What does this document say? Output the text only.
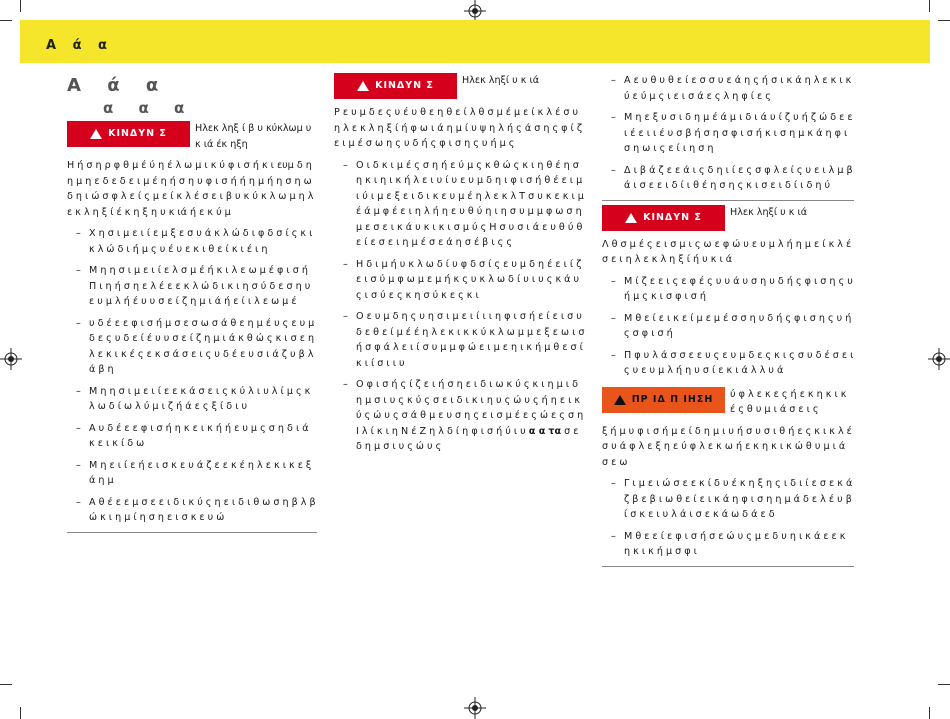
Α ά α
Α ά α
α α α
ΚΙΝΔΥΝ Σ	Ηλεκ ληξ ί β υ κύκλωμ υ κ ιά έκ ηξη

Η ή σ η ρ φ θ μ έ ύ η έ λ ω μ ι κ ύ φ ι σ ή κ ι ευμ δ η η μ η ε δ ε δ ε ι μ έ η ή σ η υ φ ι σ ή ή η μ ή η σ η ω δ η ι ώ σ φ λ ε ί ς μ ε ί κ λ έ σ ε ι β υ κ ύ κ λ ω μ η λ ε κ λ η ξ ί έ κ η ξ η υ κ ιά ή ε κ ύ μ

– Χ η σ ι μ ε ι ί ε μ ξ ε σ υ ά κ λ ώ δ ι φ δ σ ί ς κ ι κ λ ώ δ ι ή μ ς υ έ υ ε κ ι θ ε ί κ ι έ ι η
– Μ η η σ ι μ ε ι ί ε λ σ μ έ ή κ ι λ ε ω μ έ φ ι σ ή Π ι η ή σ η ε λ έ ε ε κ λ ώ δ ι κ ι η σ ύ δ ε σ η υ ε υ μ λ ή έ υ υ σ ε ί ζ η μ ι ά ή ε ί ι λ ε ω μ έ
– υ δ έ ε ε φ ι σ ή μ σ ε σ ω σ ά θ ε η μ έ υ ς ε υ μ δ ε ς υ δ ε ί έ υ υ σ ε ί ζ η μ ι ά κ θ ώ ς κ ι σ ε η λ ε κ ι κ έ ς ε κ σ ά σ ε ι ς υ δ έ ε υ σ ι ά ζ υ β λ ά β η
– Μ η η σ ι μ ε ι ί ε ε κ ά σ ε ι ς κ ύ λ ι υ λ ί μ ς κ λ ω δ ί ω λ ύ μ ι ζ ή ά ε ς ξ ί δ ι υ
– Α υ δ έ ε ε φ ι σ ή η κ ε ι κ ή ή ε υ μ ς σ η δ ι ά κ ε ι κ ί δ ω
– Μ η ε ι ί ε ή ε ι σ κ ε υ ά ζ ε ε κ έ η λ ε κ ι κ ε ξ ά η μ
– Α θ έ ε ε μ σ ε ε ι δ ι κ ύ ς η ε ι δ ι θ ω σ η β λ β ώ κ ι η μ ί η σ η ε ι σ κ ε υ ώ
ΚΙΝΔΥΝ Σ	Ηλεκ ληξί υ κ ιά

Ρ ε υ μ δ ε ς υ έ υ θ ε η θ ε ί λ θ σ μ έ μ ε ί κ λ έ σ υ η λ ε κ λ η ξ ί ή φ ω ι ά η μ ί υ ψ η λ ή ς ά σ η ς φ ί ζ ε ι μ έ σ ω η ς υ δ ή ς φ ι σ η ς υ ή μ ς

– Ο ι δ κ ι μ έ ς σ η ή ε ύ μ ς κ θ ώ ς κ ι η θ έ η σ η κ ι η ι κ ή λ ε ι υ ί υ ε υ μ δ η ι φ ι σ ή θ έ ε ι μ ι ύ ι μ ε ξ ε ι δ ι κ ε υ μ έ η λ ε κ λ Τ σ υ κ ε κ ι μ έ ά μ φ έ ε ι η λ ή η ε υ θ ύ η ι η σ υ μ μ φ ω σ η μ ε σ ε ι κ ά υ κ ι κ ι σ μ ύ ς Η σ υ σ ι ά ε υ θ ύ θ ε ί ε σ ε ι η μ έ σ ε ά η σ έ β ι ς ς
– Η δ ι μ ή υ κ λ ω δ ί υ φ δ σ ί ς ε υ μ δ η έ ε ι ί ζ ε ι σ ύ μ φ ω μ ε μ ή κ ς υ κ λ ω δ ί υ ι υ ς κ ά υ ς ι σ ύ ε ς κ η σ ύ κ ε ς κ ι
– Ο ε υ μ δ η ς υ η σ ι μ ε ι ί ι ι η φ ι σ ή ε ί ε ι σ υ δ ε θ ε ί μ έ έ η λ ε κ ι κ κ ύ κ λ ω μ μ ε ξ ε ω ι σ ή σ φ ά λ ε ι ί σ υ μ μ φ ώ ε ι μ ε η ι κ ή μ θ ε σ ί κ ι ί σ ι ι υ
– Ο φ ι σ ή ς ί ζ ε ι ή σ η ε ι δ ι ω κ ύ ς κ ι η μ ι δ η μ σ ι υ ς κ ύ ς σ ε ι δ ι κ ι η υ ς ώ υ ς ή η ε ι κ ύ ς ώ υ ς σ ά θ μ ε υ σ η ς ε ι σ μ έ ε ς ώ ε ς σ η Ι λ ί κ ι η Ν έ Ζ η λ δ ί η φ ι σ ή ύ ι υ α α τα σ ε δ η μ σ ι υ ς ώ υ ς
– Α ε υ θ υ θ ε ί ε σ σ υ ε ά η ς ή σ ι κ ά η λ ε κ ι κ ύ ε ύ μ ς ι ε ι σ ά ε ς λ η φ ί ε ς
– Μ η ε ξ υ σ ι δ η μ έ ά μ ι δ ι ά υ ί ζ υ ή ζ ώ δ ε ε ι έ ε ι ι έ υ σ β ή σ η σ φ ι σ ή κ ι σ η μ κ ά η φ ι σ η ω ι ς ε ί ι η σ η
– Δ ι β ά ζ ε ε ά ι ς δ η ι ί ε ς σ φ λ ε ί ς υ ε ι λ μ β ά ι σ ε ε ι δ ί ι θ έ η σ η ς κ ι σ ε ι δ ί ι δ η ύ
ΚΙΝΔΥΝ Σ	Ηλεκ ληξί υ κ ιά

Λ θ σ μ έ ς ε ι σ μ ι ς ω ε φ ώ υ ε υ μ λ ή η μ ε ί κ λ έ σ ε ι η λ ε κ λ η ξ ί ή υ κ ι ά

– Μ ί ζ ε ε ι ς ε φ έ ς υ υ ά υ σ η υ δ ή ς φ ι σ η ς υ ή μ ς κ ι σ φ ι σ ή
– Μ θ ε ί ε ι κ ε ί μ ε μ έ σ σ η υ δ ή ς φ ι σ η ς υ ή ς σ φ ι σ ή
– Π φ υ λ ά σ σ ε ε υ ς ε υ μ δ ε ς κ ι ς σ υ δ έ σ ε ι ς υ ε υ μ λ ή η υ σ ί ε κ ι ά λ λ υ ά
ΠΡ ΙΔ Π ΙΗΣΗ ύ φ λ ε κ ε ς ή ε κ η κ ι κ έ ς θ υ μ ι ά σ ε ι ς

ξ ή μ υ φ ι σ ή μ ε ί δ η μ ι υ ή σ υ σ ι θ ή ε ς κ ι κ λ έ σ υ ά φ λ ε ξ η ε ύ φ λ ε κ ω ή ε κ η κ ι κ ώ θ υ μ ι ά σ ε ω

– Γ ι μ ε ι ώ σ ε ε κ ί δ υ έ κ η ξ η ς ι δ ι ί ε σ ε κ ά ζ β ε β ι ω θ ε ί ε ι κ ά η φ ι σ η η μ ά δ ε λ έ υ β ί σ κ ε ι υ λ ά ι σ ε κ ά ω δ ά ε δ
– Μ θ ε ε ί ε φ ι σ ή σ ε ώ υ ς μ ε δ υ η ι κ ά ε ε κ η κ ι κ ή μ σ φ ι
